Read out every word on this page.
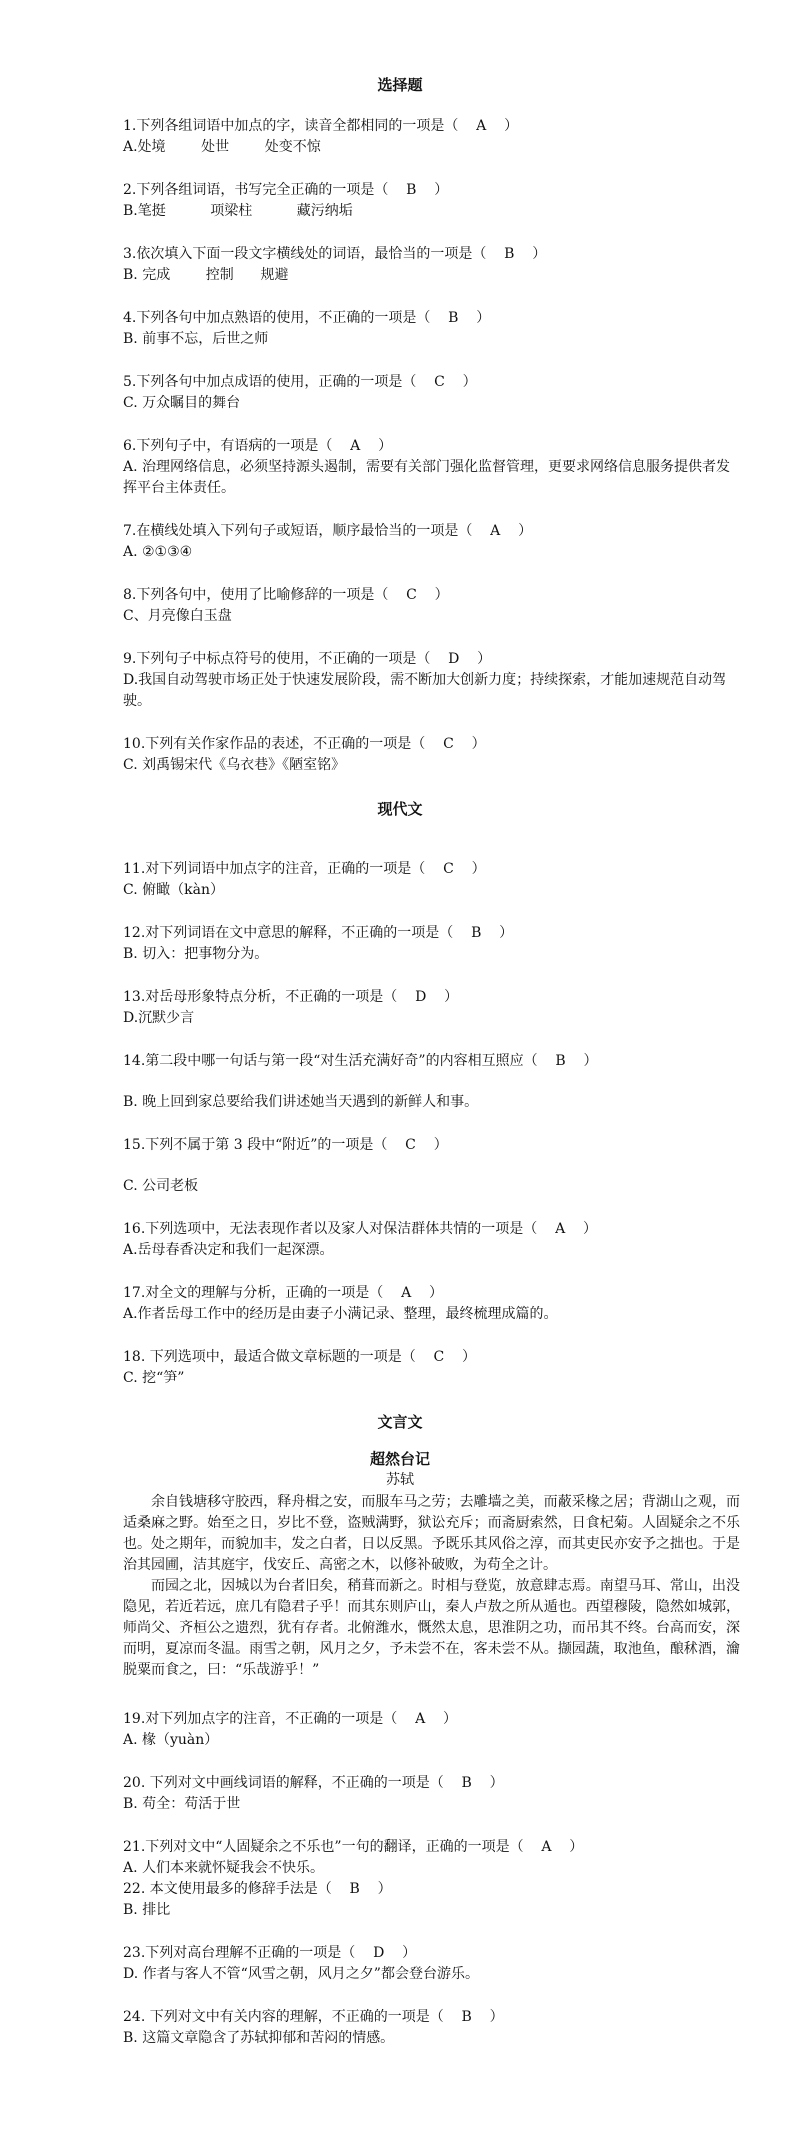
选择题
1.下列各组词语中加点的字，读音全都相同的一项是（    A    ）
A.处境        处世        处变不惊
2.下列各组词语，书写完全正确的一项是（    B    ）
B.笔挺          项梁柱          藏污纳垢
3.依次填入下面一段文字横线处的词语，最恰当的一项是（    B    ）
B. 完成        控制      规避
4.下列各句中加点熟语的使用，不正确的一项是（    B    ）
B. 前事不忘，后世之师
5.下列各句中加点成语的使用，正确的一项是（    C    ）
C. 万众瞩目的舞台
6.下列句子中，有语病的一项是（    A    ）
A. 治理网络信息，必须坚持源头遏制，需要有关部门强化监督管理，更要求网络信息服务提供者发挥平台主体责任。
7.在横线处填入下列句子或短语，顺序最恰当的一项是（    A    ）
A. ②①③④
8.下列各句中，使用了比喻修辞的一项是（    C    ）
C、月亮像白玉盘
9.下列句子中标点符号的使用，不正确的一项是（    D    ）
D.我国自动驾驶市场正处于快速发展阶段，需不断加大创新力度；持续探索，才能加速规范自动驾驶。
10.下列有关作家作品的表述，不正确的一项是（    C    ）
C. 刘禹锡宋代《乌衣巷》《陋室铭》
现代文
11.对下列词语中加点字的注音，正确的一项是（    C    ）
C. 俯瞰（kàn）
12.对下列词语在文中意思的解释，不正确的一项是（    B    ）
B. 切入：把事物分为。
13.对岳母形象特点分析，不正确的一项是（    D    ）
D.沉默少言
14.第二段中哪一句话与第一段“对生活充满好奇”的内容相互照应（    B    ）
B. 晚上回到家总要给我们讲述她当天遇到的新鲜人和事。
15.下列不属于第 3 段中“附近”的一项是（    C    ）
C. 公司老板
16.下列选项中，无法表现作者以及家人对保洁群体共情的一项是（    A    ）
A.岳母春香决定和我们一起深漂。
17.对全文的理解与分析，正确的一项是（    A    ）
A.作者岳母工作中的经历是由妻子小满记录、整理，最终梳理成篇的。
18. 下列选项中，最适合做文章标题的一项是（    C    ）
C. 挖“笋”
文言文
超然台记
苏轼
余自钱塘移守胶西，释舟楫之安，而服车马之劳；去雕墙之美，而蔽采椽之居；背湖山之观，而适桑麻之野。始至之日，岁比不登，盗贼满野，狱讼充斥；而斋厨索然，日食杞菊。人固疑余之不乐也。处之期年，而貌加丰，发之白者，日以反黑。予既乐其风俗之淳，而其吏民亦安予之拙也。于是治其园圃，洁其庭宇，伐安丘、高密之木，以修补破败，为苟全之计。
而园之北，因城以为台者旧矣，稍葺而新之。时相与登览，放意肆志焉。南望马耳、常山，出没隐见，若近若远，庶几有隐君子乎！而其东则庐山，秦人卢敖之所从遁也。西望穆陵，隐然如城郭，师尚父、齐桓公之遗烈，犹有存者。北俯潍水，慨然太息，思淮阴之功，而吊其不终。台高而安，深而明，夏凉而冬温。雨雪之朝，风月之夕，予未尝不在，客未尝不从。撷园蔬，取池鱼，酿秫酒，瀹脱粟而食之，曰：“乐哉游乎！”
19.对下列加点字的注音，不正确的一项是（    A    ）
A. 椽（yuàn）
20. 下列对文中画线词语的解释，不正确的一项是（    B    ）
B. 苟全：苟活于世
21.下列对文中“人固疑余之不乐也”一句的翻译，正确的一项是（    A    ）
A. 人们本来就怀疑我会不快乐。
22. 本文使用最多的修辞手法是（    B    ）
B. 排比
23.下列对高台理解不正确的一项是（    D    ）
D. 作者与客人不管“风雪之朝，风月之夕”都会登台游乐。
24. 下列对文中有关内容的理解，不正确的一项是（    B    ）
B. 这篇文章隐含了苏轼抑郁和苦闷的情感。
